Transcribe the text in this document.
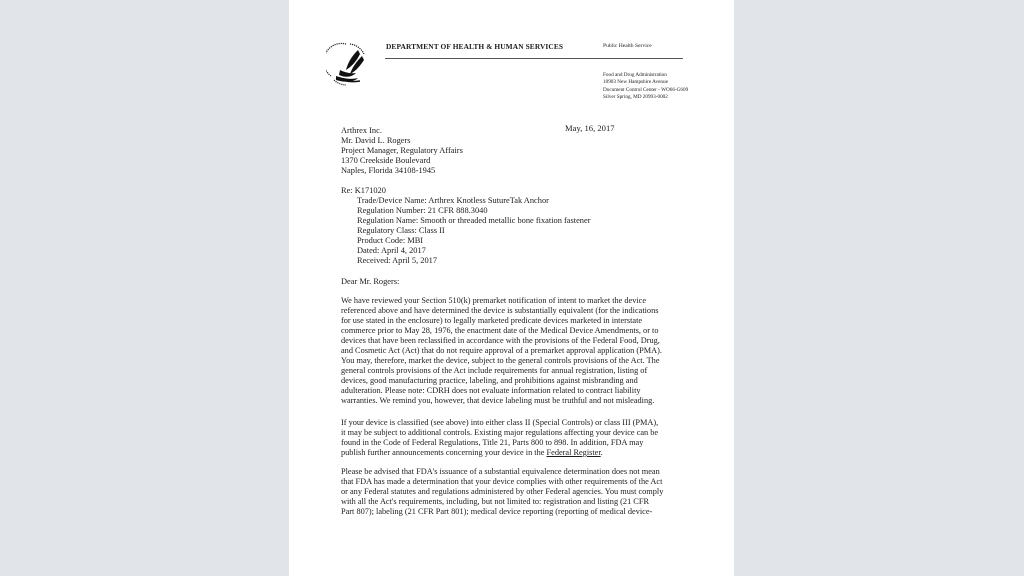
DEPARTMENT OF HEALTH & HUMAN SERVICES	Public Health Service
Food and Drug Administration
10903 New Hampshire Avenue
Document Control Center - WO66-G609
Silver Spring, MD 20993-0002
May, 16, 2017
Arthrex Inc.
Mr. David L. Rogers
Project Manager, Regulatory Affairs
1370 Creekside Boulevard
Naples, Florida 34108-1945
Re: K171020
Trade/Device Name: Arthrex Knotless SutureTak Anchor
Regulation Number: 21 CFR 888.3040
Regulation Name: Smooth or threaded metallic bone fixation fastener
Regulatory Class: Class II
Product Code: MBI
Dated: April 4, 2017
Received: April 5, 2017
Dear Mr. Rogers:
We have reviewed your Section 510(k) premarket notification of intent to market the device
referenced above and have determined the device is substantially equivalent (for the indications
for use stated in the enclosure) to legally marketed predicate devices marketed in interstate
commerce prior to May 28, 1976, the enactment date of the Medical Device Amendments, or to
devices that have been reclassified in accordance with the provisions of the Federal Food, Drug,
and Cosmetic Act (Act) that do not require approval of a premarket approval application (PMA).
You may, therefore, market the device, subject to the general controls provisions of the Act. The
general controls provisions of the Act include requirements for annual registration, listing of
devices, good manufacturing practice, labeling, and prohibitions against misbranding and
adulteration. Please note: CDRH does not evaluate information related to contract liability
warranties. We remind you, however, that device labeling must be truthful and not misleading.
If your device is classified (see above) into either class II (Special Controls) or class III (PMA),
it may be subject to additional controls. Existing major regulations affecting your device can be
found in the Code of Federal Regulations, Title 21, Parts 800 to 898. In addition, FDA may
publish further announcements concerning your device in the Federal Register.
Please be advised that FDA's issuance of a substantial equivalence determination does not mean
that FDA has made a determination that your device complies with other requirements of the Act
or any Federal statutes and regulations administered by other Federal agencies. You must comply
with all the Act's requirements, including, but not limited to: registration and listing (21 CFR
Part 807); labeling (21 CFR Part 801); medical device reporting (reporting of medical device-
